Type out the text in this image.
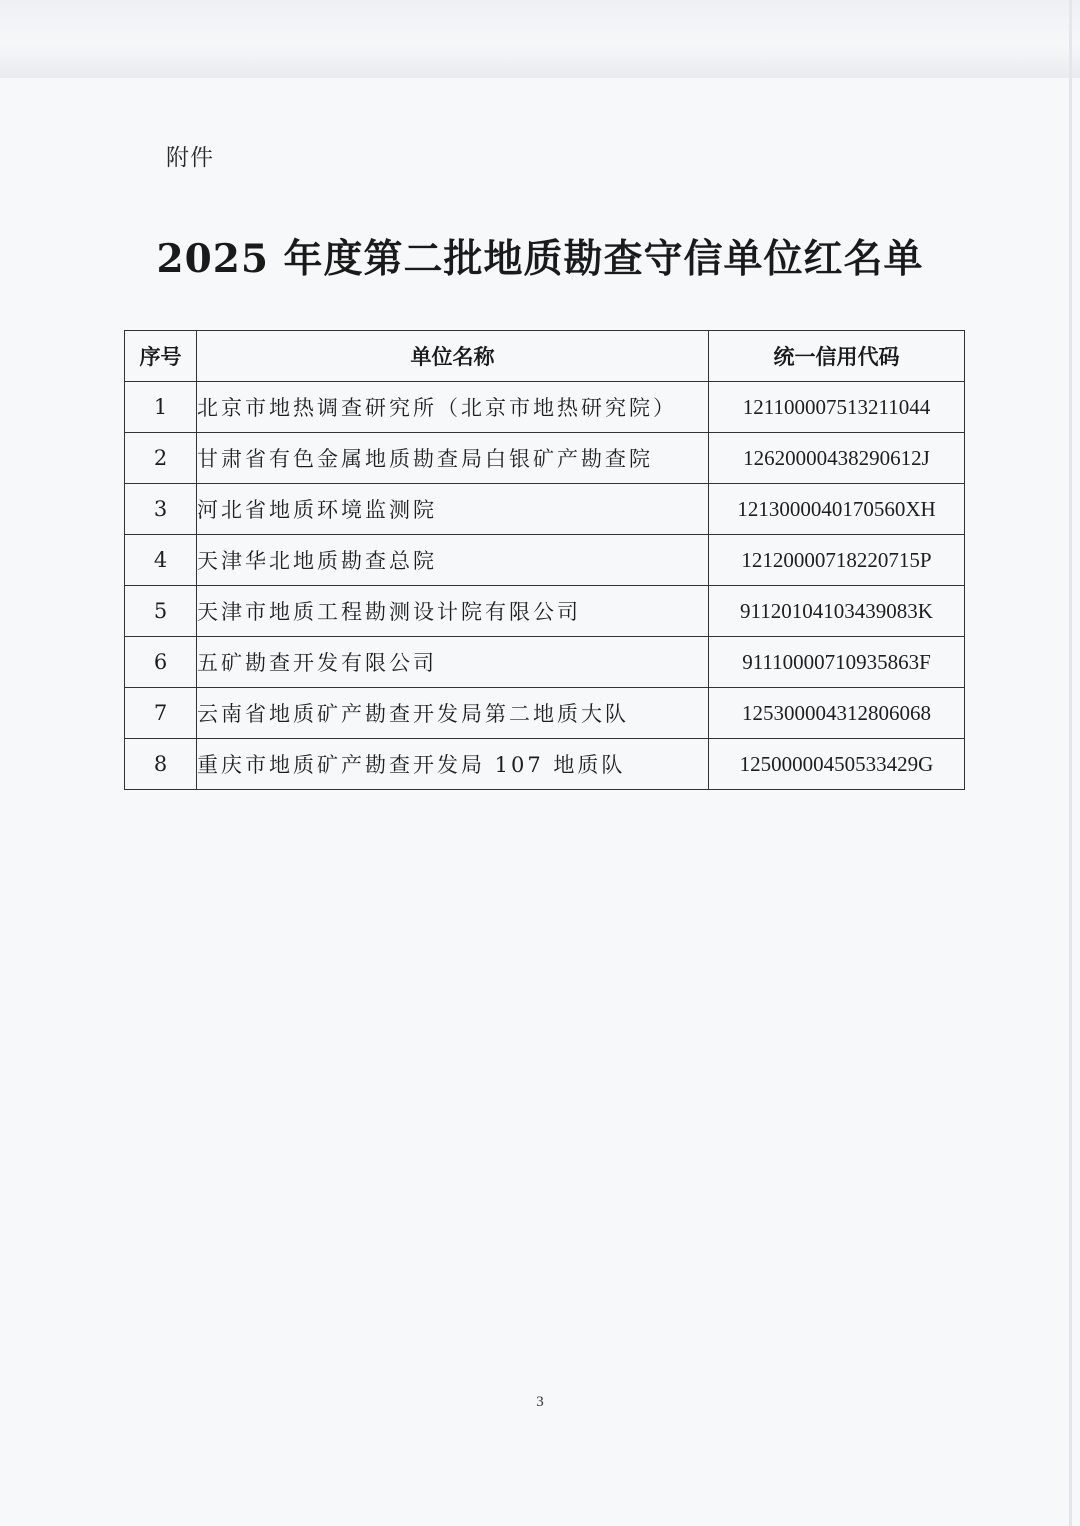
附件
2025 年度第二批地质勘查守信单位红名单
序号	单位名称	统一信用代码
1	北京市地热调查研究所（北京市地热研究院）	121100007513211044
2	甘肃省有色金属地质勘查局白银矿产勘查院	12620000438290612J
3	河北省地质环境监测院	1213000040170560XH
4	天津华北地质勘查总院	12120000718220715P
5	天津市地质工程勘测设计院有限公司	91120104103439083K
6	五矿勘查开发有限公司	91110000710935863F
7	云南省地质矿产勘查开发局第二地质大队	125300004312806068
8	重庆市地质矿产勘查开发局 107 地质队	12500000450533429G
3
